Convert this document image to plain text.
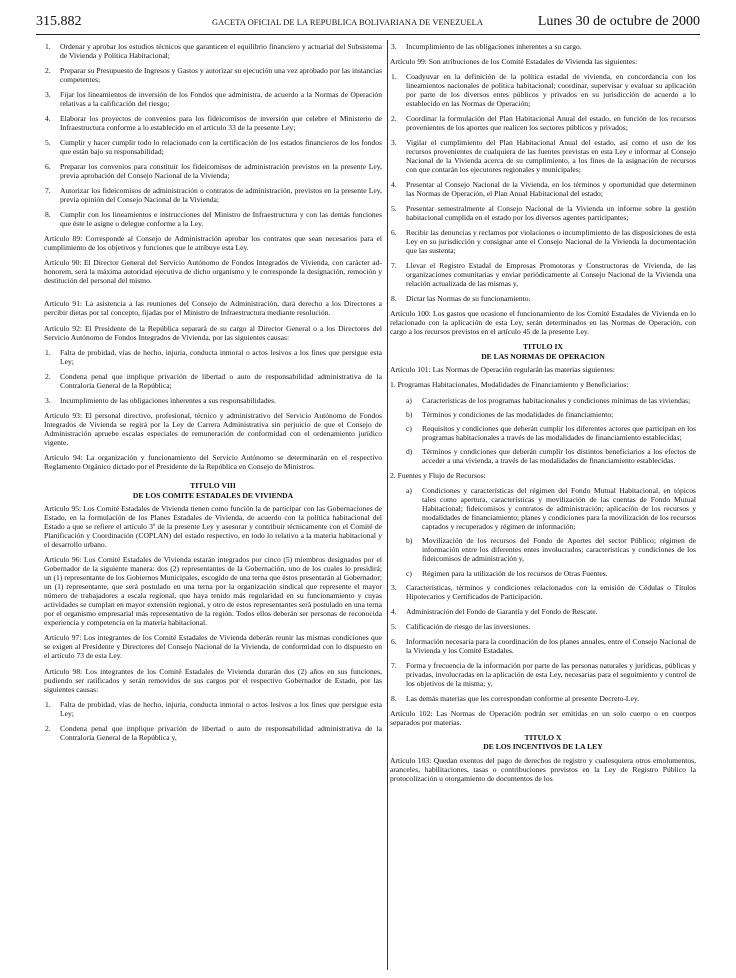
315.882	GACETA OFICIAL DE LA REPUBLICA BOLIVARIANA DE VENEZUELA	Lunes 30 de octubre de 2000
1. Ordenar y aprobar los estudios técnicos que garanticen el equilibrio financiero y actuarial del Subsistema de Vivienda y Política Habitacional;
2. Preparar su Presupuesto de Ingresos y Gastos y autorizar su ejecución una vez aprobado por las instancias competentes;
3. Fijar los lineamientos de inversión de los Fondos que administra, de acuerdo a la Normas de Operación relativas a la calificación del riesgo;
4. Elaborar los proyectos de convenios para los fideicomisos de inversión que celebre el Ministerio de Infraestructura conforme a lo establecido en el artículo 33 de la presente Ley;
5. Cumplir y hacer cumplir todo lo relacionado con la certificación de los estados financieros de los fondos que están bajo su responsabilidad;
6. Preparar los convenios para constituir los fideicomisos de administración previstos en la presente Ley, previa aprobación del Consejo Nacional de la Vivienda;
7. Autorizar los fideicomisos de administración o contratos de administración, previstos en la presente Ley, previa opinión del Consejo Nacional de la Vivienda;
8. Cumplir con los lineamientos e instrucciones del Ministro de Infraestructura y con las demás funciones que éste le asigne o delegue conforme a la Ley.

Artículo 89: Corresponde al Consejo de Administración aprobar los contratos que sean necesarios para el cumplimiento de los objetivos y funciones que le atribuye esta Ley.

Artículo 90: El Director General del Servicio Autónomo de Fondos Integrados de Vivienda, con carácter ad-honorem, será la máxima autoridad ejecutiva de dicho organismo y le corresponde la designación, remoción y destitución del personal del mismo.

Artículo 91: La asistencia a las reuniones del Consejo de Administración, dará derecho a los Directores a percibir dietas por tal concepto, fijadas por el Ministro de Infraestructura mediante resolución.

Artículo 92: El Presidente de la República separará de su cargo al Director General o a los Directores del Servicio Autónomo de Fondos Integrados de Vivienda, por las siguientes causas:

1. Falta de probidad, vías de hecho, injuria, conducta inmoral o actos lesivos a los fines que persigue esta Ley;
2. Condena penal que implique privación de libertad o auto de responsabilidad administrativa de la Contraloría General de la República;
3. Incumplimiento de las obligaciones inherentes a sus responsabilidades.

Artículo 93: El personal directivo, profesional, técnico y administrativo del Servicio Autónomo de Fondos Integrados de Vivienda se regirá por la Ley de Carrera Administrativa sin perjuicio de que el Consejo de Administración apruebe escalas especiales de remuneración de conformidad con el ordenamiento jurídico vigente.

Artículo 94: La organización y funcionamiento del Servicio Autónomo se determinarán en el respectivo Reglamento Orgánico dictado por el Presidente de la República en Consejo de Ministros.

TITULO VIII
DE LOS COMITE ESTADALES DE VIVIENDA

Artículo 95: Los Comité Estadales de Vivienda tienen como función la de participar con las Gobernaciones de Estado, en la formulación de los Planes Estadales de Vivienda, de acuerdo con la política habitacional del Estado a que se refiere el artículo 3º de la presente Ley y asesorar y contribuir técnicamente con el Comité de Planificación y Coordinación (COPLAN) del estado respectivo, en todo lo relativo a la materia habitacional y el desarrollo urbano.

Artículo 96: Los Comité Estadales de Vivienda estarán integrados por cinco (5) miembros designados por el Gobernador de la siguiente manera: dos (2) representantes de la Gobernación, uno de los cuales lo presidirá; un (1) representante de los Gobiernos Municipales, escogido de una terna que éstos presentarán al Gobernador; un (1) representante, que será postulado en una terna por la organización sindical que represente el mayor número de trabajadores a escala regional, que haya tenido más regularidad en su funcionamiento y cuyas actividades se cumplan en mayor extensión regional, y otro de estos representantes será postulado en una terna por el organismo empresarial más representativo de la región. Todos ellos deberán ser personas de reconocida experiencia y competencia en la materia habitacional.

Artículo 97: Los integrantes de los Comité Estadales de Vivienda deberán reunir las mismas condiciones que se exigen al Presidente y Directores del Consejo Nacional de la Vivienda, de conformidad con lo dispuesto en el artículo 73 de esta Ley.

Artículo 98: Los integrantes de los Comité Estadales de Vivienda durarán dos (2) años en sus funciones, pudiendo ser ratificados y serán removidos de sus cargos por el respectivo Gobernador de Estado, por las siguientes causas:

1. Falta de probidad, vías de hecho, injuria, conducta inmoral o actos lesivos a los fines que persigue esta Ley;
2. Condena penal que implique privación de libertad o auto de responsabilidad administrativa de la Contraloría General de la República y,
3. Incumplimiento de las obligaciones inherentes a su cargo.

Artículo 99: Son atribuciones de los Comité Estadales de Vivienda las siguientes:

1. Coadyuvar en la definición de la política estadal de vivienda, en concordancia con los lineamientos nacionales de política habitacional; coordinar, supervisar y evaluar su aplicación por parte de los diversos entes públicos y privados en su jurisdicción de acuerdo a lo establecido en las Normas de Operación;
2. Coordinar la formulación del Plan Habitacional Anual del estado, en función de los recursos provenientes de los aportes que realicen los sectores públicos y privados;
3. Vigilar el cumplimiento del Plan Habitacional Anual del estado, así como el uso de los recursos provenientes de cualquiera de las fuentes previstas en esta Ley e informar al Consejo Nacional de la Vivienda acerca de su cumplimiento, a los fines de la asignación de recursos con que contarán los ejecutores regionales y municipales;
4. Presentar al Consejo Nacional de la Vivienda, en los términos y oportunidad que determinen las Normas de Operación, el Plan Anual Habitacional del estado;
5. Presentar semestralmente al Consejo Nacional de la Vivienda un informe sobre la gestión habitacional cumplida en el estado por los diversos agentes participantes;
6. Recibir las denuncias y reclamos por violaciones o incumplimiento de las disposiciones de esta Ley en su jurisdicción y consignar ante el Consejo Nacional de la Vivienda la documentación que las sustenta;
7. Llevar el Registro Estadal de Empresas Promotoras y Constructoras de Vivienda, de las organizaciones comunitarias y enviar periódicamente al Consejo Nacional de la Vivienda una relación actualizada de las mismas y,
8. Dictar las Normas de su funcionamiento.

Artículo 100: Los gastos que ocasione el funcionamiento de los Comité Estadales de Vivienda en lo relacionado con la aplicación de esta Ley, serán determinados en las Normas de Operación, con cargo a los recursos previstos en el artículo 45 de la presente Ley.

TITULO IX
DE LAS NORMAS DE OPERACION

Artículo 101: Las Normas de Operación regularán las materias siguientes:

1. Programas Habitacionales, Modalidades de Financiamiento y Beneficiarios:

a) Características de los programas habitacionales y condiciones mínimas de las viviendas;
b) Términos y condiciones de las modalidades de financiamiento;
c) Requisitos y condiciones que deberán cumplir los diferentes actores que participan en los programas habitacionales a través de las modalidades de financiamiento establecidas;
d) Términos y condiciones que deberán cumplir los distintos beneficiarios a los efectos de acceder a una vivienda, a través de las modalidades de financiamiento establecidas.

2. Fuentes y Flujo de Recursos:

a) Condiciones y características del régimen del Fondo Mutual Habitacional, en tópicos tales como apertura, características y movilización de las cuentas de Fondo Mutual Habitacional; fideicomisos y contratos de administración; aplicación de los recursos y modalidades de financiamiento; planes y condiciones para la movilización de los recursos captados y recuperados y régimen de información;
b) Movilización de los recursos del Fondo de Aportes del sector Público; régimen de información entre los diferentes entes involucrados; características y condiciones de los fideicomisos de administración y,
c) Régimen para la utilización de los recursos de Otras Fuentes.
3. Características, términos y condiciones relacionados con la emisión de Cédulas o Títulos Hipotecarios y Certificados de Participación.
4. Administración del Fondo de Garantía y del Fondo de Rescate.
5. Calificación de riesgo de las inversiones.
6. Información necesaria para la coordinación de los planes anuales, entre el Consejo Nacional de la Vivienda y los Comité Estadales.
7. Forma y frecuencia de la información por parte de las personas naturales y jurídicas, públicas y privadas, involucradas en la aplicación de esta Ley, necesarias para el seguimiento y control de los objetivos de la misma; y,
8. Las demás materias que les correspondan conforme al presente Decreto-Ley.

Artículo 102: Las Normas de Operación podrán ser emitidas en un solo cuerpo o en cuerpos separados por materias.

TITULO X
DE LOS INCENTIVOS DE LA LEY

Artículo 103: Quedan exentos del pago de derechos de registro y cualesquiera otros emolumentos, aranceles, habilitaciones, tasas o contribuciones previstos en la Ley de Registro Público la protocolización u otorgamiento de documentos de los
